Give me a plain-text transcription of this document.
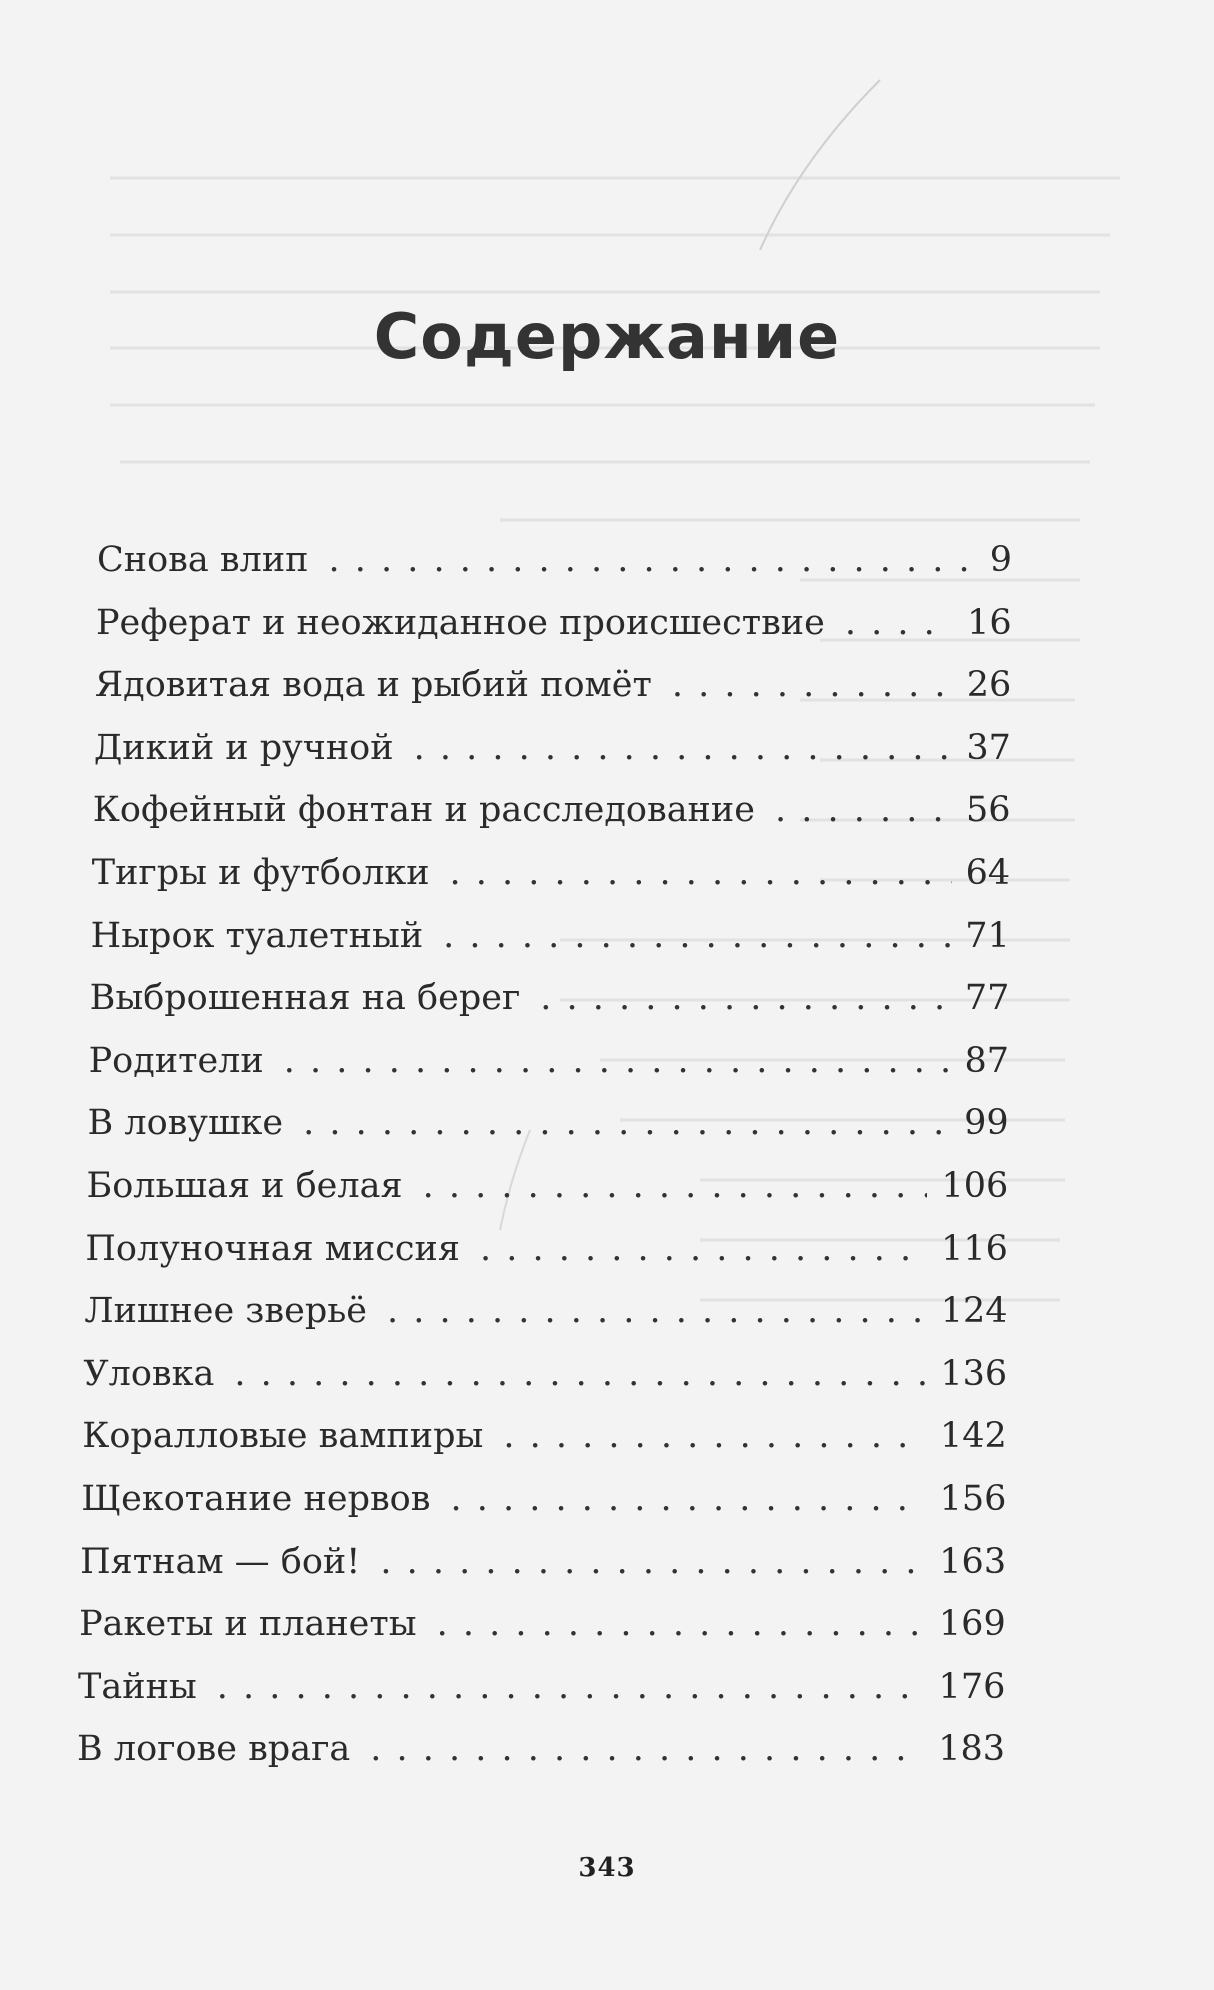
Содержание
Снова влип . . .	9
Реферат и неожиданное происшествие . . .	16
Ядовитая вода и рыбий помёт . . .	26
Дикий и ручной . . .	37
Кофейный фонтан и расследование . . .	56
Тигры и футболки . . .	64
Нырок туалетный . . .	71
Выброшенная на берег . . .	77
Родители . . .	87
В ловушке . . .	99
Большая и белая . . .	106
Полуночная миссия . . .	116
Лишнее зверьё . . .	124
Уловка . . .	136
Коралловые вампиры . . .	142
Щекотание нервов . . .	156
Пятнам — бой! . . .	163
Ракеты и планеты . . .	169
Тайны . . .	176
В логове врага . . .	183
343
